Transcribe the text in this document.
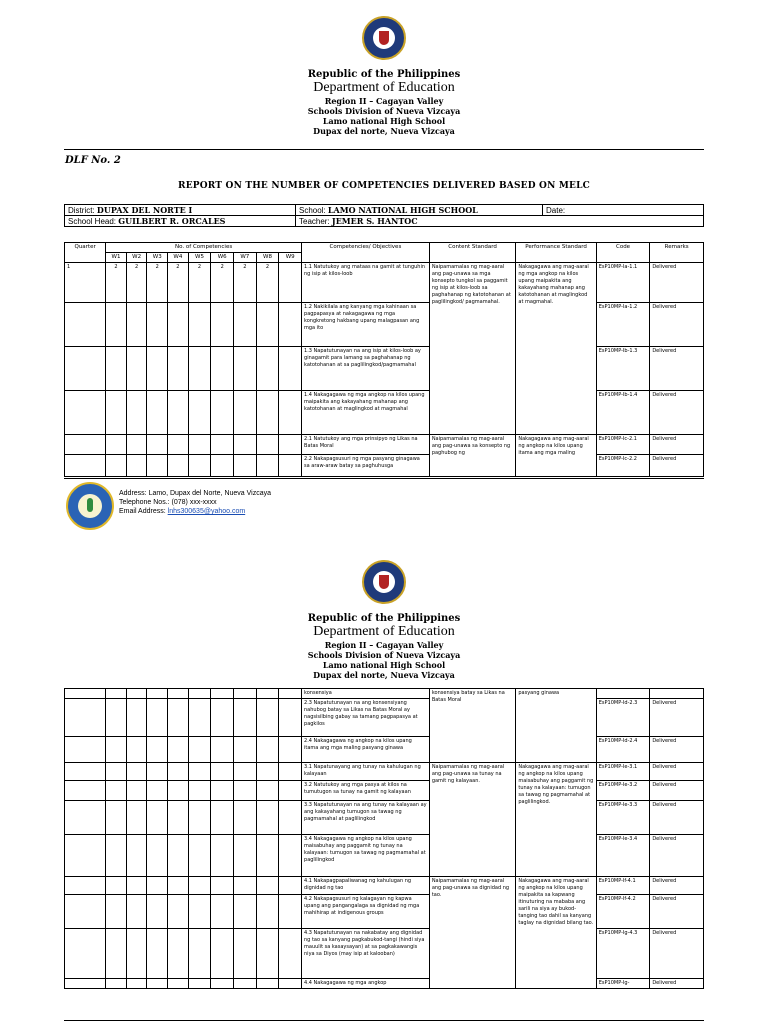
Republic of the Philippines
Department of Education
Region II – Cagayan Valley
Schools Division of Nueva Vizcaya
Lamo national High School
Dupax del norte, Nueva Vizcaya
DLF No. 2
REPORT ON THE NUMBER OF COMPETENCIES DELIVERED BASED ON MELC
District: DUPAX DEL NORTE I	School: LAMO NATIONAL HIGH SCHOOL	Date:
School Head: GUILBERT R. ORCALES	Teacher: JEMER S. HANTOC	
Quarter	No. of Competencies									Competencies/ Objectives	Content Standard	Performance Standard	Code	Remarks
	W1	W2	W3	W4	W5	W6	W7	W8	W9					
1	2	2	2	2	2	2	2	2		1.1 Natutukoy ang mataas na gamit at tunguhin ng isip at kilos-loob	Naipamamalas ng mag-aaral ang pag-unawa sa mga konsepto tungkol sa paggamit ng isip at kilos-loob sa paghahanap ng katotohanan at paglilingkod/ pagmamahal.	Nakagagawa ang mag-aaral ng mga angkop na kilos upang maipakita ang kakayahang mahanap ang katotohanan at maglingkod at magmahal.	EsP10MP-Ia-1.1	Delivered
										1.2 Nakikilala ang kanyang mga kahinaan sa pagpapasya at nakagagawa ng mga kongkretong hakbang upang malagpasan ang mga ito			EsP10MP-Ia-1.2	Delivered
										1.3 Napatutunayan na ang isip at kilos-loob ay ginagamit para lamang sa paghahanap ng katotohanan at sa paglilingkod/pagmamahal			EsP10MP-Ib-1.3	Delivered
										1.4 Nakagagawa ng mga angkop na kilos upang maipakita ang kakayahang mahanap ang katotohanan at maglingkod at magmahal			EsP10MP-Ib-1.4	Delivered
										2.1 Natutukoy ang mga prinsipyo ng Likas na Batas Moral	Naipamamalas ng mag-aaral ang pag-unawa sa konsepto ng paghubog ng	Nakagagawa ang mag-aaral ng angkop na kilos upang itama ang mga maling	EsP10MP-Ic-2.1	Delivered
										2.2 Nakapagsusuri ng mga pasyang ginagawa sa araw-araw batay sa paghuhusga			EsP10MP-Ic-2.2	Delivered
Address: Lamo, Dupax del Norte, Nueva Vizcaya
Telephone Nos.: (078) xxx-xxxx
Email Address: lnhs300635@yahoo.com
Republic of the Philippines
Department of Education
Region II – Cagayan Valley
Schools Division of Nueva Vizcaya
Lamo national High School
Dupax del norte, Nueva Vizcaya
										konsensiya	konsensiya batay sa Likas na Batas Moral	pasyang ginawa		
										2.3 Napatutunayan na ang konsensiyang nahubog batay sa Likas na Batas Moral ay nagsisilbing gabay sa tamang pagpapasya at pagkilos			EsP10MP-Id-2.3	Delivered
										2.4 Nakagagawa ng angkop na kilos upang itama ang mga maling pasyang ginawa			EsP10MP-Id-2.4	Delivered
										3.1 Napatunayang ang tunay na kahulugan ng kalayaan	Naipamamalas ng mag-aaral ang pag-unawa sa tunay na gamit ng kalayaan.	Nakagagawa ang mag-aaral ng angkop na kilos upang maisabuhay ang paggamit ng tunay na kalayaan: tumugon sa tawag ng pagmamahal at paglilingkod.	EsP10MP-Ie-3.1	Delivered
										3.2 Natutukoy ang mga pasya at kilos na tumutugon sa tunay na gamit ng kalayaan			EsP10MP-Ie-3.2	Delivered
										3.3 Napatutunayan na ang tunay na kalayaan ay ang kakayahang tumugon sa tawag ng pagmamahal at paglilingkod			EsP10MP-Ie-3.3	Delivered
										3.4 Nakagagawa ng angkop na kilos upang maisabuhay ang paggamit ng tunay na kalayaan: tumugon sa tawag ng pagmamahal at paglilingkod			EsP10MP-Ie-3.4	Delivered
										4.1 Nakapagpapaliwanag ng kahulugan ng dignidad ng tao	Naipamamalas ng mag-aaral ang pag-unawa sa dignidad ng tao.	Nakagagawa ang mag-aaral ng angkop na kilos upang maipakita sa kapwang itinuturing na mababa ang sarili na siya ay bukod-tanging tao dahil sa kanyang taglay na dignidad bilang tao.	EsP10MP-If-4.1	Delivered
										4.2 Nakapagsusuri ng kalagayan ng kapwa upang ang pangangalaga sa dignidad ng mga mahihirap at indigenous groups			EsP10MP-If-4.2	Delivered
										4.3 Napatutunayan na nakabatay ang dignidad ng tao sa kanyang pagkabukod-tangi (hindi siya mauulit sa kasaysayan) at sa pagkakawangis niya sa Diyos (may isip at kalooban)			EsP10MP-Ig-4.3	Delivered
										4.4 Nakagagawa ng mga angkop			EsP10MP-Ig-	Delivered
